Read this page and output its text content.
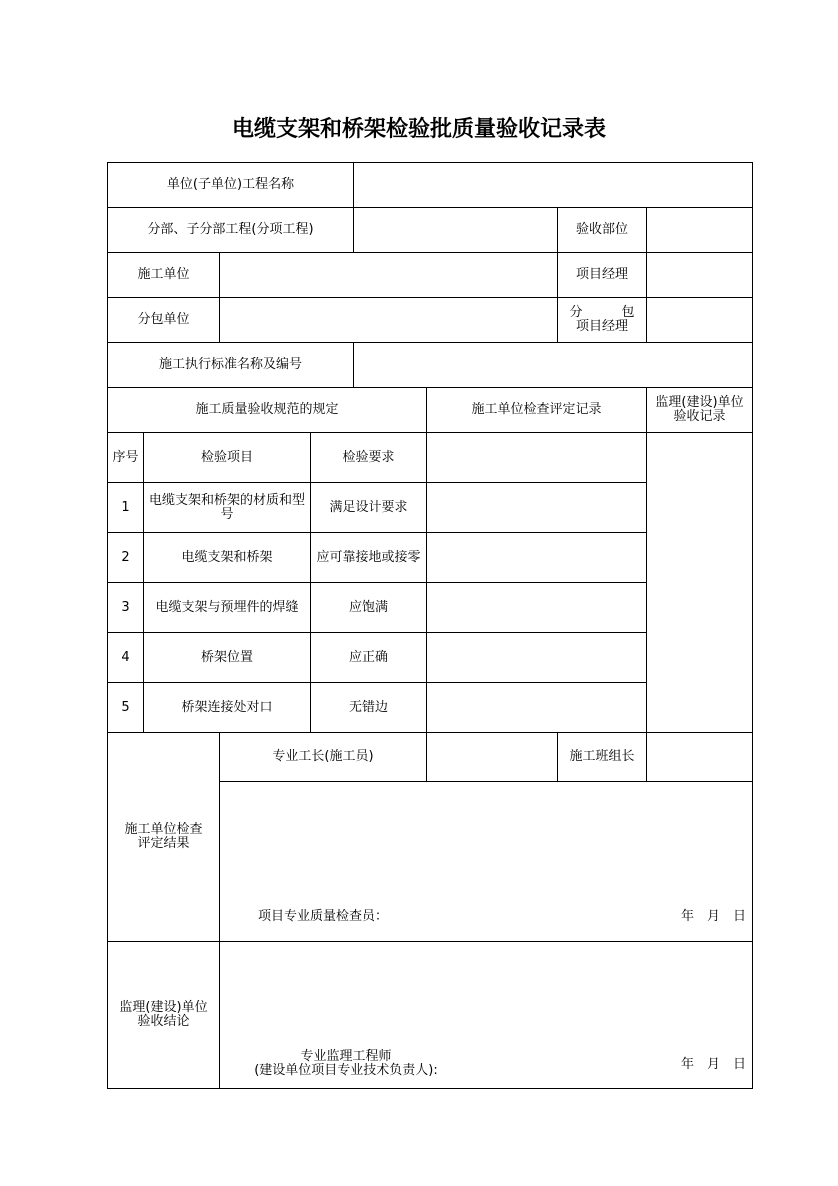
电缆支架和桥架检验批质量验收记录表
单位(子单位)工程名称
分部、子分部工程(分项工程)	验收部位
施工单位	项目经理
分包单位	分　　　包
项目经理
施工执行标准名称及编号
施工质量验收规范的规定	施工单位检查评定记录	监理(建设)单位
验收记录
序号	检验项目	检验要求
1	电缆支架和桥架的材质和型号	满足设计要求
2	电缆支架和桥架	应可靠接地或接零
3	电缆支架与预埋件的焊缝	应饱满
4	桥架位置	应正确
5	桥架连接处对口	无错边
施工单位检查
评定结果
专业工长(施工员)	施工班组长
项目专业质量检查员：	年　月　日
监理(建设)单位
验收结论
专业监理工程师
(建设单位项目专业技术负责人):	年　月　日
